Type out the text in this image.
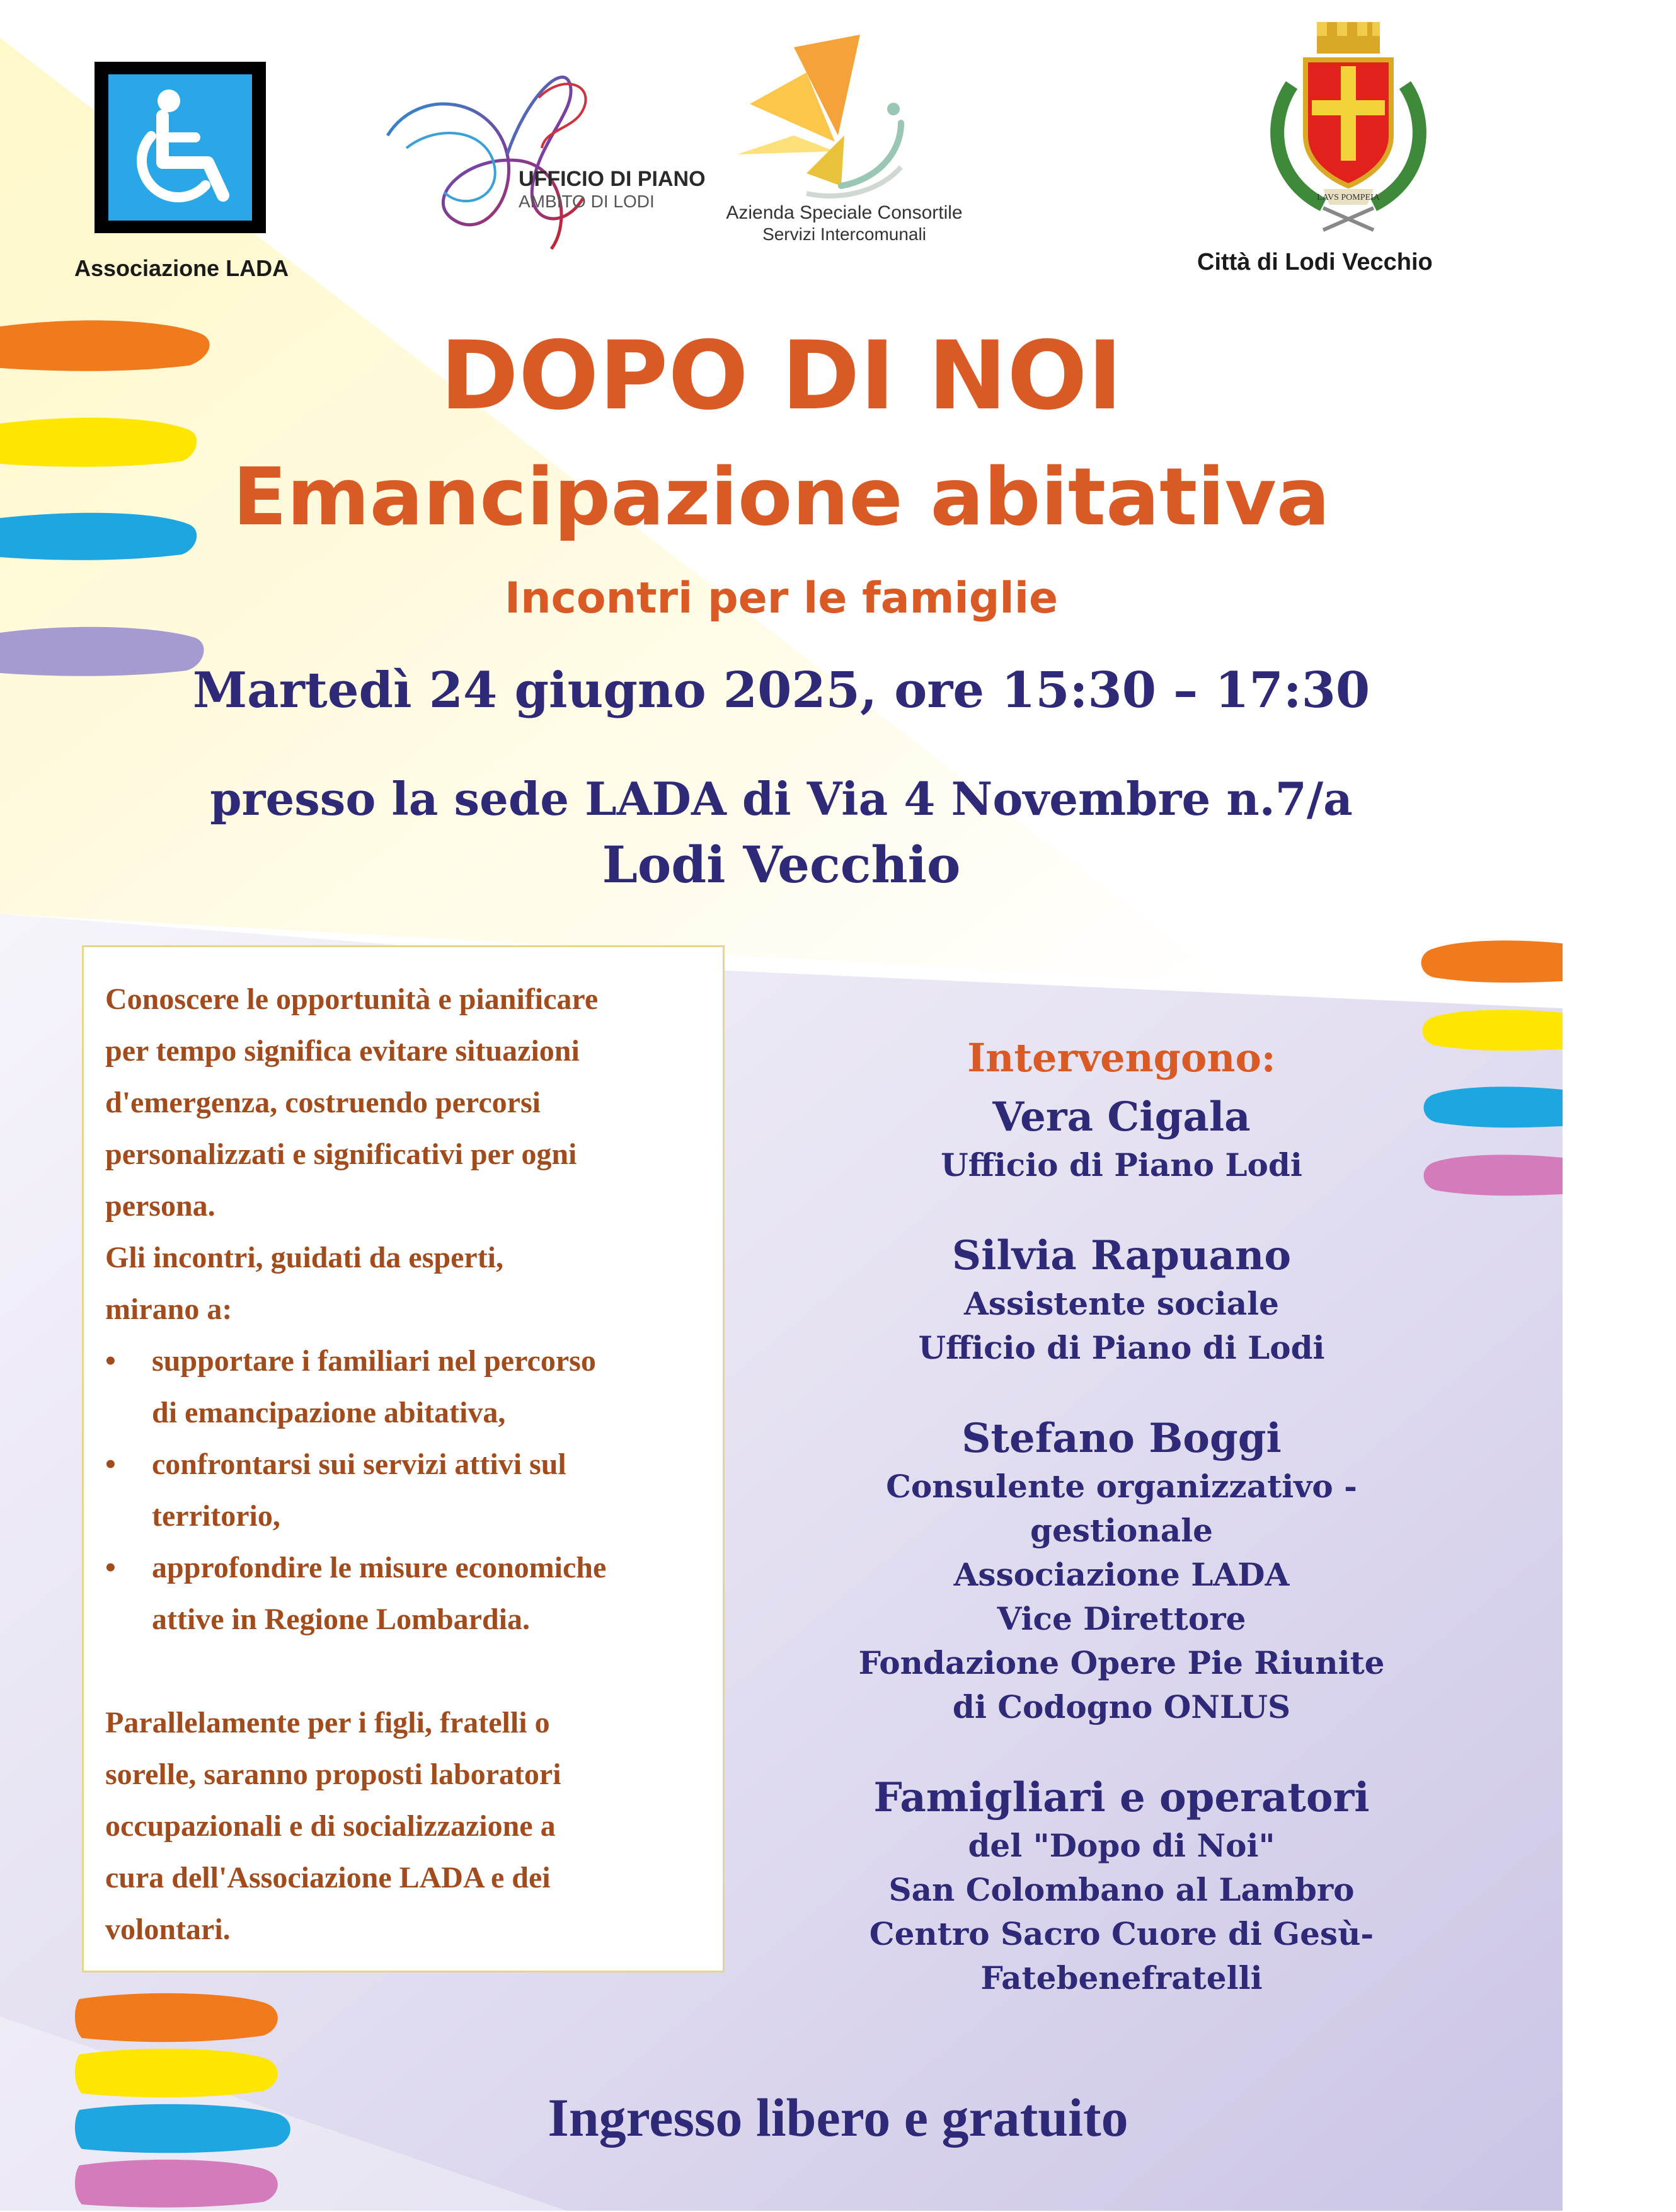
Associazione LADA
UFFICIO DI PIANO
AMBITO DI LODI
Azienda Speciale Consortile
Servizi Intercomunali
LAVS POMPEIA
Città di Lodi Vecchio
DOPO DI NOI
Emancipazione abitativa
Incontri per le famiglie
Martedì 24 giugno 2025, ore 15:30 – 17:30
presso la sede LADA di Via 4 Novembre n.7/a
Lodi Vecchio

Conoscere le opportunità e pianificare

per tempo significa evitare situazioni

d'emergenza, costruendo percorsi

personalizzati e significativi per ogni

persona.

Gli incontri, guidati da esperti,

mirano a:

•	supportare i familiari nel percorso

di emancipazione abitativa,

•	confrontarsi sui servizi attivi sul

territorio,

•	approfondire le misure economiche

attive in Regione Lombardia.

Parallelamente per i figli, fratelli o

sorelle, saranno proposti laboratori

occupazionali e di socializzazione a

cura dell'Associazione LADA e dei

volontari.

Intervengono:
Vera Cigala
Ufficio di Piano Lodi
Silvia Rapuano
Assistente sociale
Ufficio di Piano di Lodi
Stefano Boggi
Consulente organizzativo -
gestionale
Associazione LADA
Vice Direttore
Fondazione Opere Pie Riunite
di Codogno ONLUS
Famigliari e operatori
del "Dopo di Noi"
San Colombano al Lambro
Centro Sacro Cuore di Gesù- Fatebenefratelli
Ingresso libero e gratuito
